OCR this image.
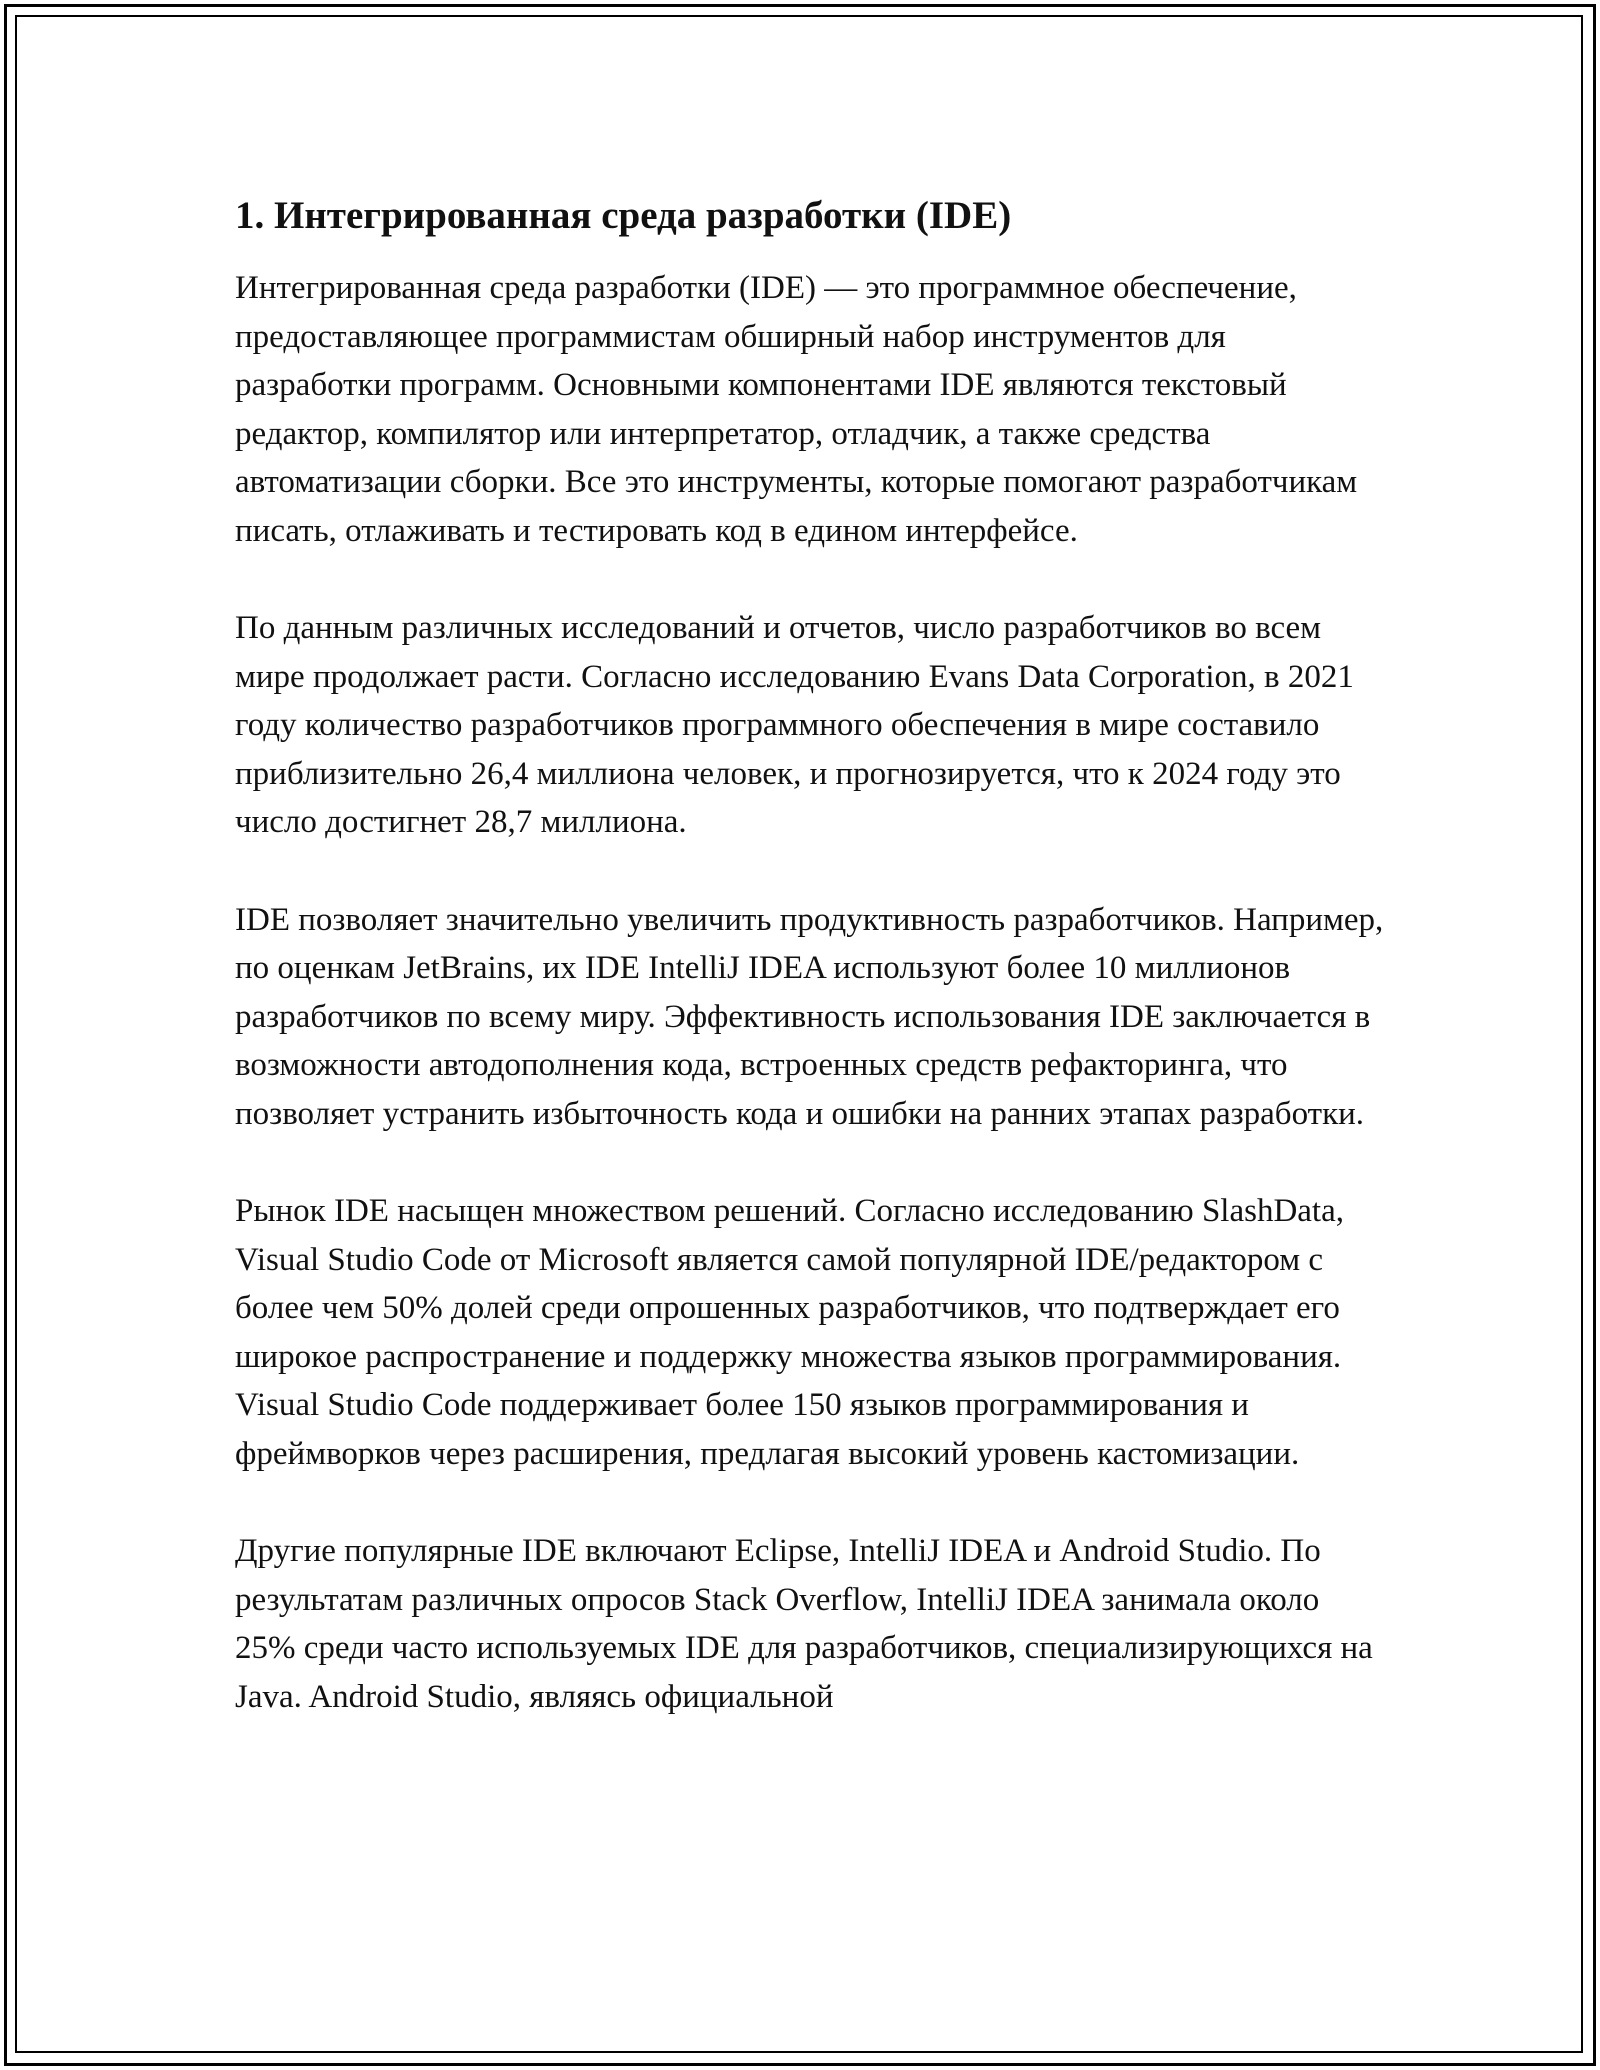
1. Интегрированная среда разработки (IDE)

Интегрированная среда разработки (IDE) — это программное обеспечение, предоставляющее программистам обширный набор инструментов для разработки программ. Основными компонентами IDE являются текстовый редактор, компилятор или интерпретатор, отладчик, а также средства автоматизации сборки. Все это инструменты, которые помогают разработчикам писать, отлаживать и тестировать код в едином интерфейсе.

По данным различных исследований и отчетов, число разработчиков во всем мире продолжает расти. Согласно исследованию Evans Data Corporation, в 2021 году количество разработчиков программного обеспечения в мире составило приблизительно 26,4 миллиона человек, и прогнозируется, что к 2024 году это число достигнет 28,7 миллиона.

IDE позволяет значительно увеличить продуктивность разработчиков. Например, по оценкам JetBrains, их IDE IntelliJ IDEA используют более 10 миллионов разработчиков по всему миру. Эффективность использования IDE заключается в возможности автодополнения кода, встроенных средств рефакторинга, что позволяет устранить избыточность кода и ошибки на ранних этапах разработки.

Рынок IDE насыщен множеством решений. Согласно исследованию SlashData, Visual Studio Code от Microsoft является самой популярной IDE/редактором с более чем 50% долей среди опрошенных разработчиков, что подтверждает его широкое распространение и поддержку множества языков программирования. Visual Studio Code поддерживает более 150 языков программирования и фреймворков через расширения, предлагая высокий уровень кастомизации.

Другие популярные IDE включают Eclipse, IntelliJ IDEA и Android Studio. По результатам различных опросов Stack Overflow, IntelliJ IDEA занимала около 25% среди часто используемых IDE для разработчиков, специализирующихся на Java. Android Studio, являясь официальной
